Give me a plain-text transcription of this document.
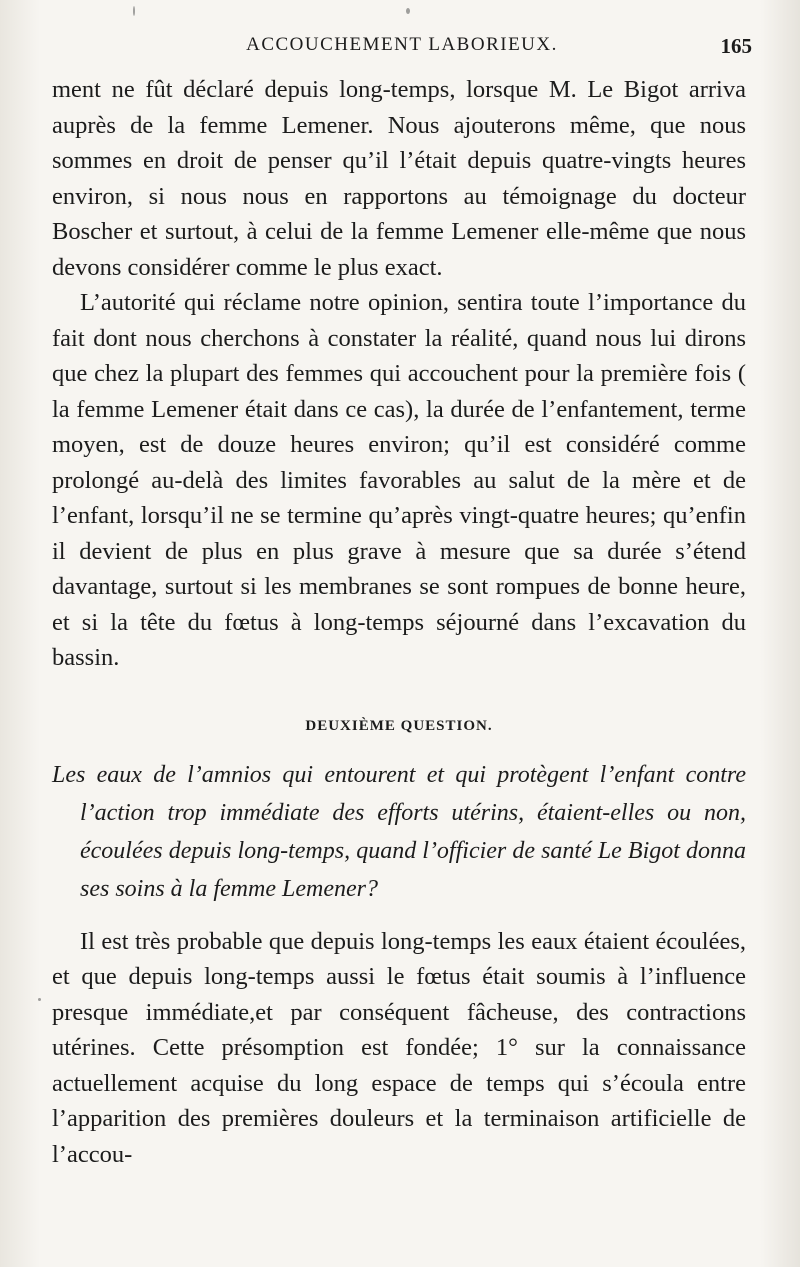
ACCOUCHEMENT LABORIEUX.	165

ment ne fût déclaré depuis long-temps, lorsque M. Le Bigot arriva auprès de la femme Lemener. Nous ajouterons même, que nous sommes en droit de penser qu’il l’était depuis quatre-vingts heures environ, si nous nous en rapportons au témoignage du docteur Boscher et surtout, à celui de la femme Lemener elle-même que nous devons considérer comme le plus exact.

L’autorité qui réclame notre opinion, sentira toute l’importance du fait dont nous cherchons à constater la réalité, quand nous lui dirons que chez la plupart des femmes qui accouchent pour la première fois ( la femme Lemener était dans ce cas), la durée de l’enfantement, terme moyen, est de douze heures environ; qu’il est considéré comme prolongé au-delà des limites favorables au salut de la mère et de l’enfant, lorsqu’il ne se termine qu’après vingt-quatre heures; qu’enfin il devient de plus en plus grave à mesure que sa durée s’étend davantage, surtout si les membranes se sont rompues de bonne heure, et si la tête du fœtus à long-temps séjourné dans l’excavation du bassin.

DEUXIÈME QUESTION.

Les eaux de l’amnios qui entourent et qui protègent l’enfant contre l’action trop immédiate des efforts utérins, étaient-elles ou non, écoulées depuis long-temps, quand l’officier de santé Le Bigot donna ses soins à la femme Lemener?

Il est très probable que depuis long-temps les eaux étaient écoulées, et que depuis long-temps aussi le fœtus était soumis à l’influence presque immédiate,et par conséquent fâcheuse, des contractions utérines. Cette présomption est fondée; 1° sur la connaissance actuellement acquise du long espace de temps qui s’écoula entre l’apparition des premières douleurs et la terminaison artificielle de l’accou-
